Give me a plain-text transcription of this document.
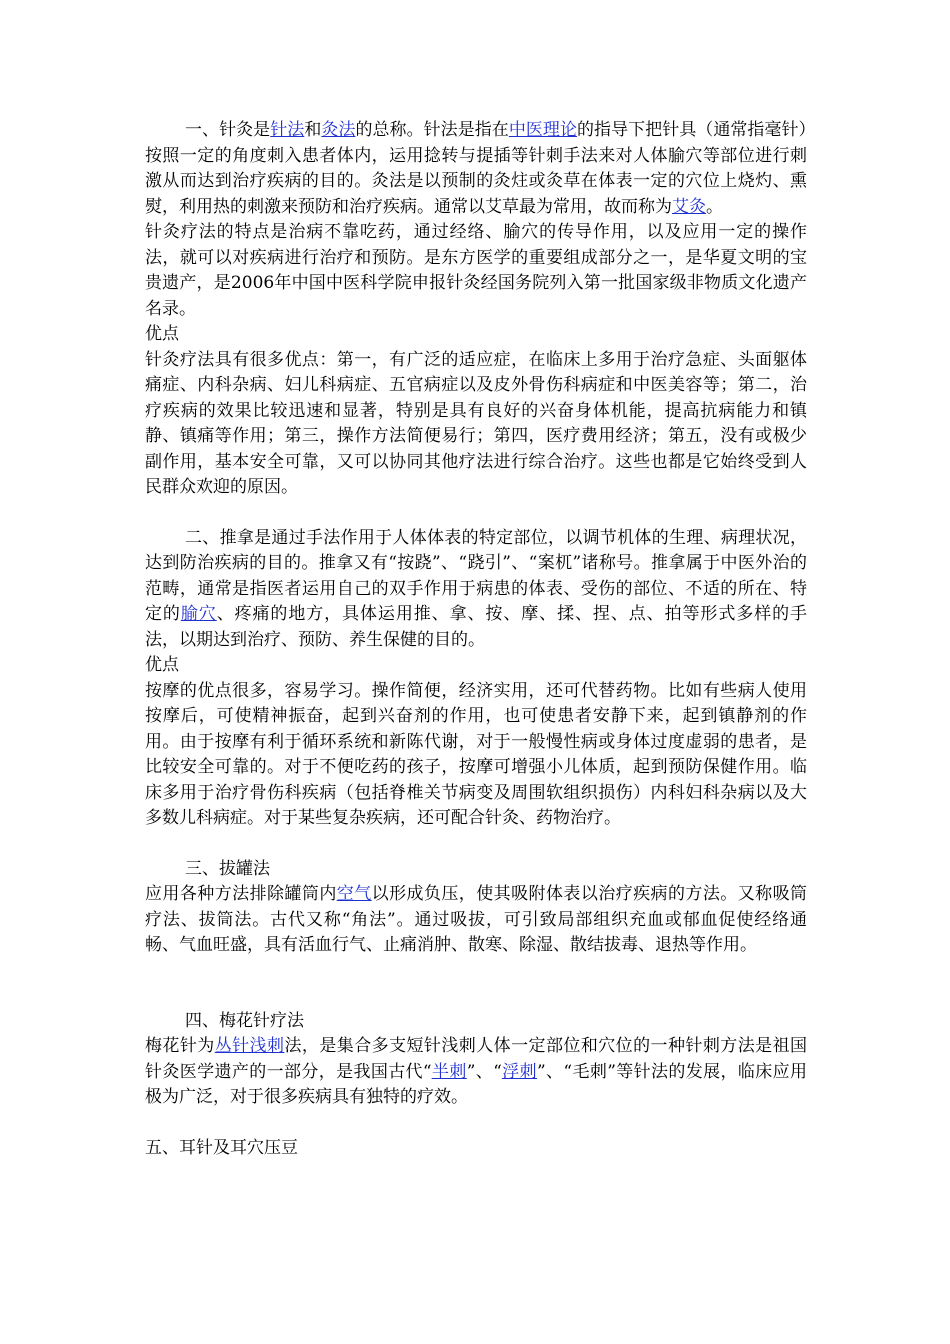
一、针灸是针法和灸法的总称。针法是指在中医理论的指导下把针具（通常指毫针）按照一定的角度刺入患者体内，运用捻转与提插等针刺手法来对人体腧穴等部位进行刺激从而达到治疗疾病的目的。灸法是以预制的灸炷或灸草在体表一定的穴位上烧灼、熏熨，利用热的刺激来预防和治疗疾病。通常以艾草最为常用，故而称为艾灸。

针灸疗法的特点是治病不靠吃药，通过经络、腧穴的传导作用，以及应用一定的操作法，就可以对疾病进行治疗和预防。是东方医学的重要组成部分之一，是华夏文明的宝贵遗产，是2006年中国中医科学院申报针灸经国务院列入第一批国家级非物质文化遗产名录。

优点

针灸疗法具有很多优点：第一，有广泛的适应症，在临床上多用于治疗急症、头面躯体痛症、内科杂病、妇儿科病症、五官病症以及皮外骨伤科病症和中医美容等；第二，治疗疾病的效果比较迅速和显著，特别是具有良好的兴奋身体机能，提高抗病能力和镇静、镇痛等作用；第三，操作方法简便易行；第四，医疗费用经济；第五，没有或极少副作用，基本安全可靠，又可以协同其他疗法进行综合治疗。这些也都是它始终受到人民群众欢迎的原因。

二、推拿是通过手法作用于人体体表的特定部位，以调节机体的生理、病理状况，达到防治疾病的目的。推拿又有“按跷”、“跷引”、“案杌”诸称号。推拿属于中医外治的范畴，通常是指医者运用自己的双手作用于病患的体表、受伤的部位、不适的所在、特定的腧穴、疼痛的地方，具体运用推、拿、按、摩、揉、捏、点、拍等形式多样的手法，以期达到治疗、预防、养生保健的目的。

优点

按摩的优点很多，容易学习。操作简便，经济实用，还可代替药物。比如有些病人使用按摩后，可使精神振奋，起到兴奋剂的作用，也可使患者安静下来，起到镇静剂的作用。由于按摩有利于循环系统和新陈代谢，对于一般慢性病或身体过度虚弱的患者，是比较安全可靠的。对于不便吃药的孩子，按摩可增强小儿体质，起到预防保健作用。临床多用于治疗骨伤科疾病（包括脊椎关节病变及周围软组织损伤）内科妇科杂病以及大多数儿科病症。对于某些复杂疾病，还可配合针灸、药物治疗。

三、拔罐法

应用各种方法排除罐筒内空气以形成负压，使其吸附体表以治疗疾病的方法。又称吸筒疗法、拔筒法。古代又称“角法”。通过吸拔，可引致局部组织充血或郁血促使经络通畅、气血旺盛，具有活血行气、止痛消肿、散寒、除湿、散结拔毒、退热等作用。

四、梅花针疗法

梅花针为丛针浅刺法，是集合多支短针浅刺人体一定部位和穴位的一种针刺方法是祖国针灸医学遗产的一部分，是我国古代“半刺”、“浮刺”、“毛刺”等针法的发展，临床应用极为广泛，对于很多疾病具有独特的疗效。

五、耳针及耳穴压豆
